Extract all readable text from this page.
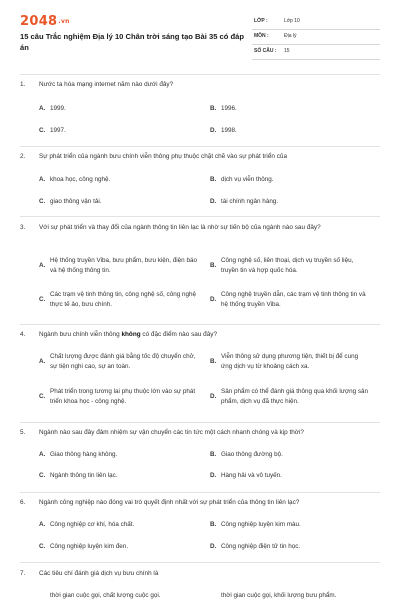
2048.vn
15 câu Trắc nghiệm Địa lý 10 Chân trời sáng tạo Bài 35 có đáp án
LỚP :	Lớp 10
MÔN :	Địa lý
SỐ CÂU : 15
1. Nước ta hòa mạng internet năm nào dưới đây?
A. 1999.	B. 1996.
C. 1997.	D. 1998.
2. Sự phát triển của ngành bưu chính viễn thông phụ thuộc chặt chẽ vào sự phát triển của
A. khoa học, công nghệ.	B. dịch vụ viễn thông.
C. giao thông vận tải.	D. tài chính ngân hàng.
3. Với sự phát triển và thay đổi của ngành thông tin liên lạc là nhờ sự tiến bộ của ngành nào sau đây?
A.
Hệ thống truyền Viba, bưu phẩm, bưu kiện, điện báo và hệ thống thông tin.
B.
Công nghệ số, liên thoại, dịch vụ truyền số liệu, truyền tin và hợp quốc hóa.
C.
Các trạm vệ tinh thông tin, công nghệ số, công nghệ thực tế ảo, bưu chính.
D.
Công nghệ truyền dẫn, các trạm vệ tinh thông tin và hệ thống truyền Viba.
4. Ngành bưu chính viễn thông không có đặc điểm nào sau đây?
A.
Chất lượng được đánh giá bằng tốc độ chuyển chở, sự tiện nghi cao, sự an toàn.
B.
Viễn thông sử dụng phương tiện, thiết bị để cung ứng dịch vụ từ khoảng cách xa.
C.
Phát triển trong tương lai phụ thuộc lớn vào sự phát triển khoa học - công nghệ.
D.
Sản phẩm có thể đánh giá thông qua khối lượng sản phẩm, dịch vụ đã thực hiện.
5. Ngành nào sau đây đảm nhiệm sự vận chuyển các tin tức một cách nhanh chóng và kịp thời?
A. Giao thông hàng không.	B. Giao thông đường bộ.
C. Ngành thông tin liên lạc.	D. Hàng hải và vô tuyến.
6. Ngành công nghiệp nào đóng vai trò quyết định nhất với sự phát triển của thông tin liên lạc?
A. Công nghiệp cơ khí, hóa chất.	B. Công nghiệp luyện kim màu.
C. Công nghiệp luyện kim đen.	D. Công nghiệp điện tử tin học.
7. Các tiêu chí đánh giá dịch vụ bưu chính là
thời gian cuộc gọi, chất lượng cuộc gọi.	thời gian cuộc gọi, khối lượng bưu phẩm.
